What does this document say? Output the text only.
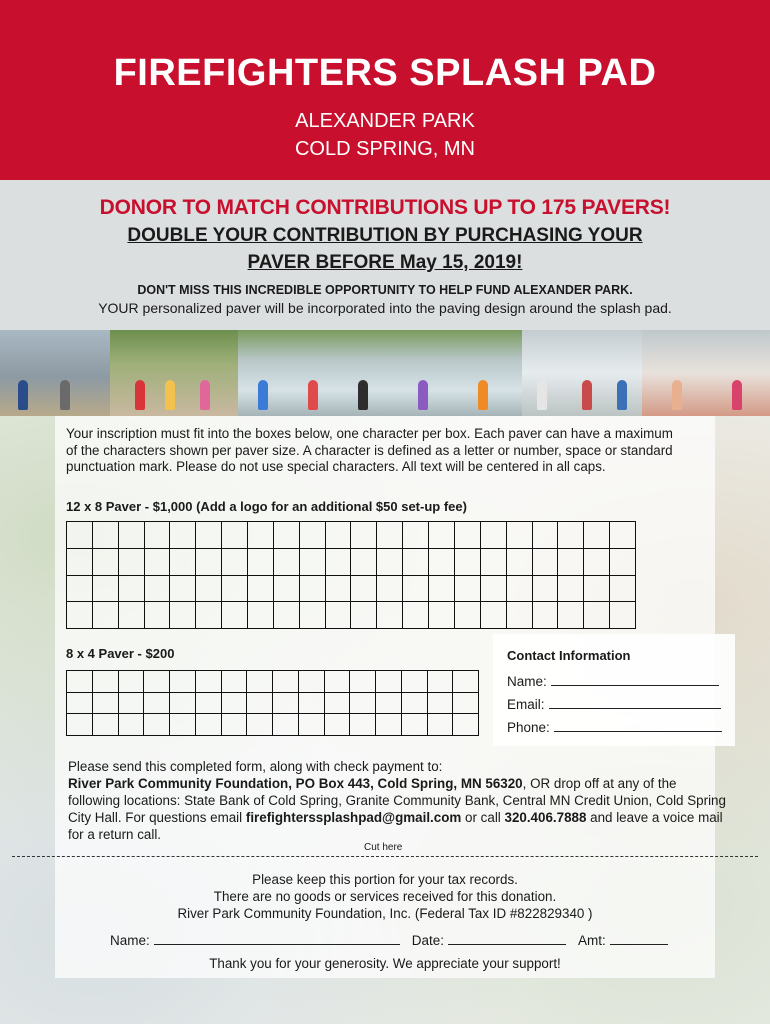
FIREFIGHTERS SPLASH PAD
ALEXANDER PARK
COLD SPRING, MN
DONOR TO MATCH CONTRIBUTIONS UP TO 175 PAVERS!
DOUBLE YOUR CONTRIBUTION BY PURCHASING YOUR
PAVER BEFORE May 15, 2019!
DON'T MISS THIS INCREDIBLE OPPORTUNITY TO HELP FUND ALEXANDER PARK.
YOUR personalized paver will be incorporated into the paving design around the splash pad.
Your inscription must fit into the boxes below, one character per box. Each paver can have a maximum of the characters shown per paver size. A character is defined as a letter or number, space or standard punctuation mark. Please do not use special characters. All text will be centered in all caps.
12 x 8 Paver - $1,000 (Add a logo for an additional $50 set-up fee)
8 x 4 Paver - $200	Contact Information
Name:
Email:
Phone:
Please send this completed form, along with check payment to:
River Park Community Foundation, PO Box 443, Cold Spring, MN 56320, OR drop off at any of the following locations: State Bank of Cold Spring, Granite Community Bank, Central MN Credit Union, Cold Spring City Hall. For questions email firefighterssplashpad@gmail.com or call 320.406.7888 and leave a voice mail for a return call.
Cut here
Please keep this portion for your tax records.
There are no goods or services received for this donation.
River Park Community Foundation, Inc. (Federal Tax ID #822829340 )
Name:	Date:	Amt:
Thank you for your generosity. We appreciate your support!
